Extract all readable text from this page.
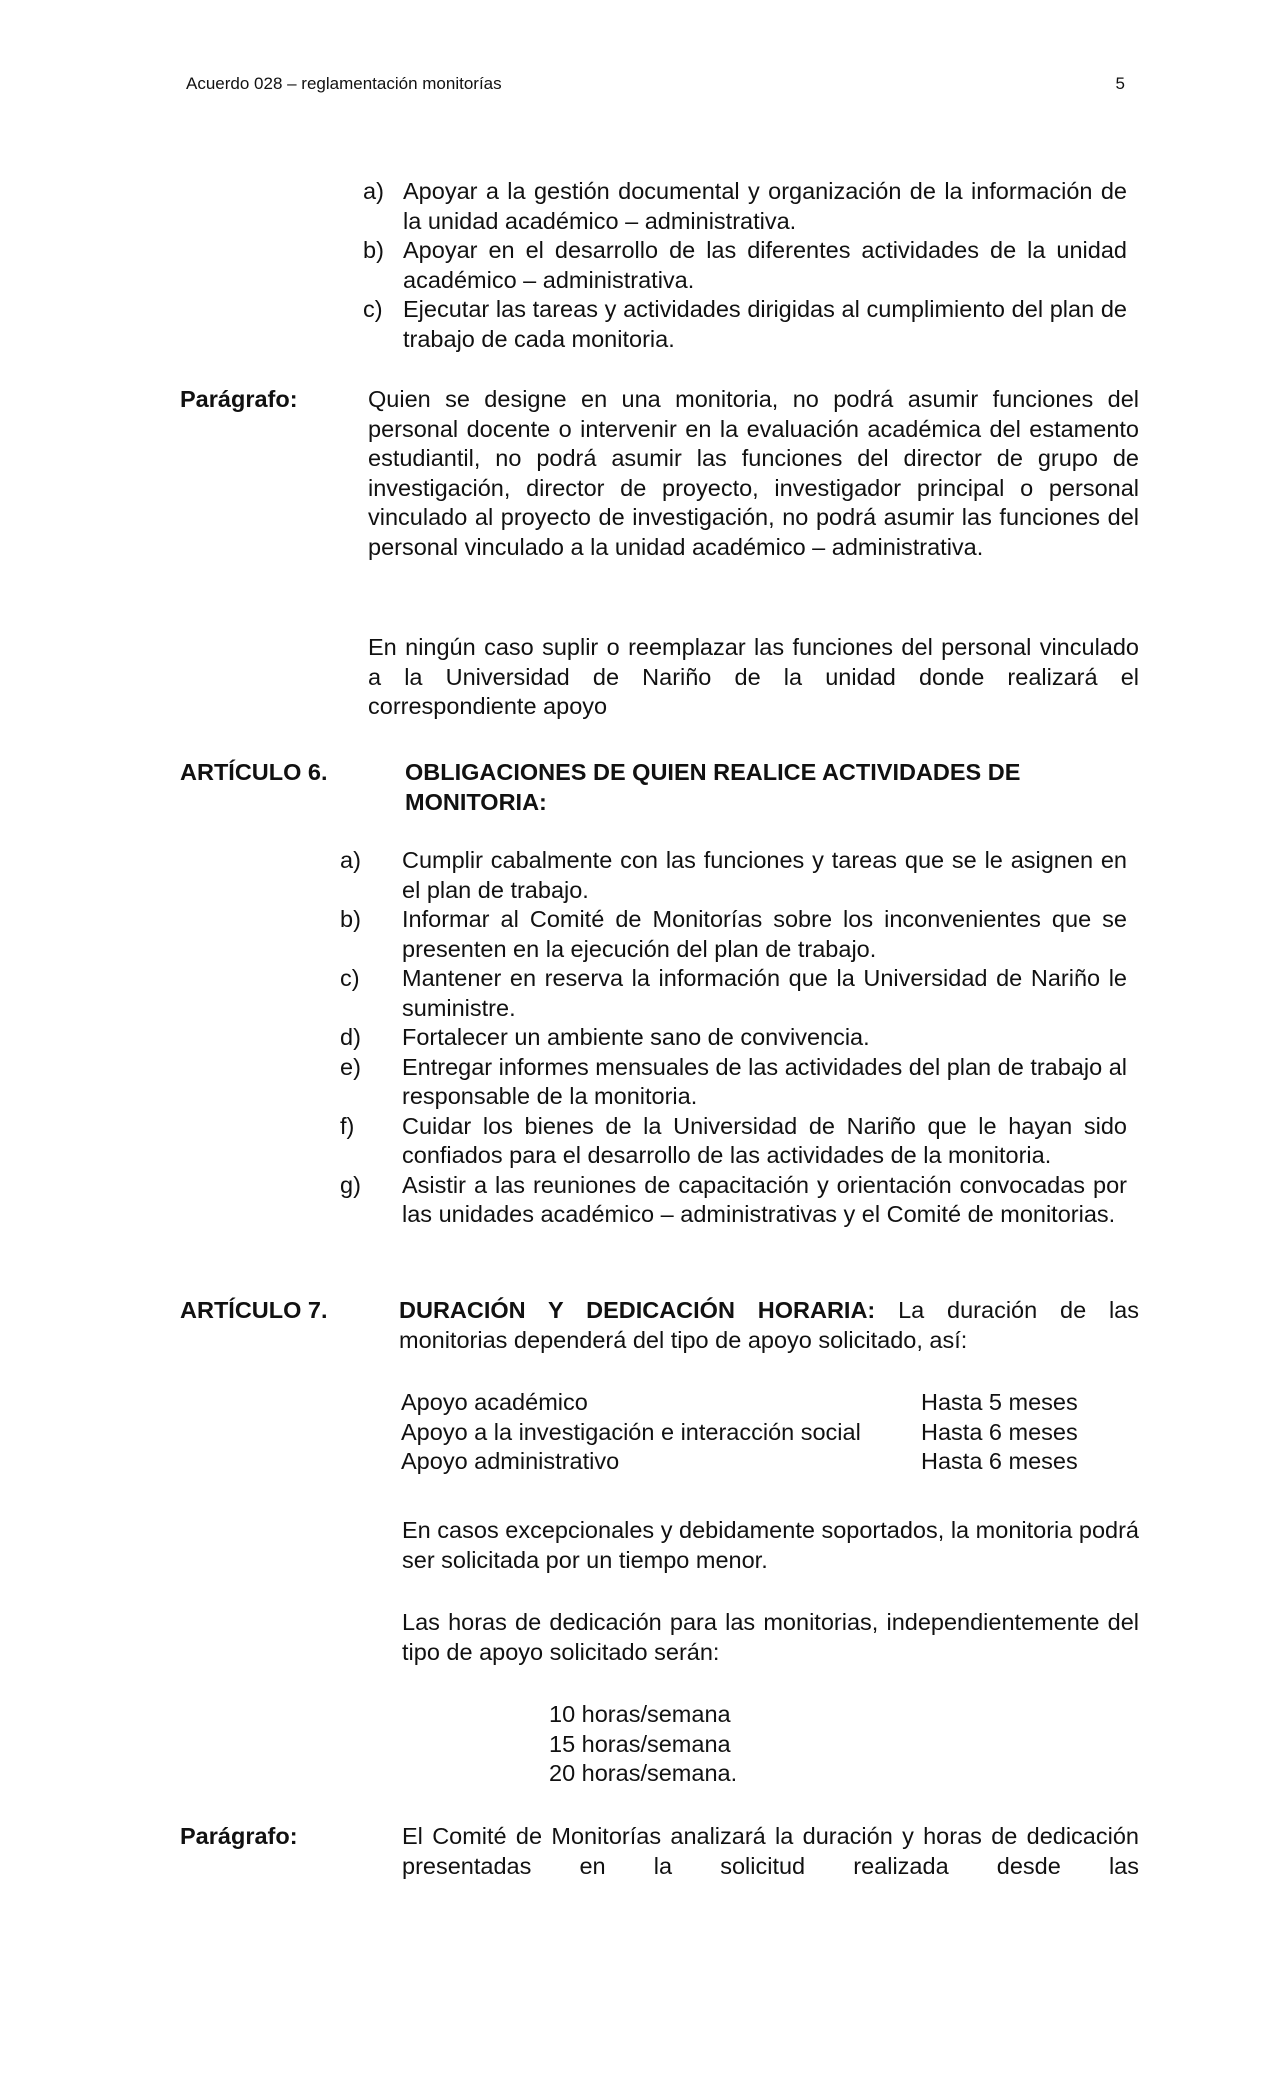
Acuerdo 028 – reglamentación monitorías	5
a) Apoyar a la gestión documental y organización de la información de la unidad académico – administrativa.
b) Apoyar en el desarrollo de las diferentes actividades de la unidad académico – administrativa.
c) Ejecutar las tareas y actividades dirigidas al cumplimiento del plan de trabajo de cada monitoria.
Parágrafo:	Quien se designe en una monitoria, no podrá asumir funciones del personal docente o intervenir en la evaluación académica del estamento estudiantil, no podrá asumir las funciones del director de grupo de investigación, director de proyecto, investigador principal o personal vinculado al proyecto de investigación, no podrá asumir las funciones del personal vinculado a la unidad académico – administrativa.
En ningún caso suplir o reemplazar las funciones del personal vinculado a la Universidad de Nariño de la unidad donde realizará el correspondiente apoyo
ARTÍCULO 6.	OBLIGACIONES DE QUIEN REALICE ACTIVIDADES DE MONITORIA:
a) Cumplir cabalmente con las funciones y tareas que se le asignen en el plan de trabajo.
b) Informar al Comité de Monitorías sobre los inconvenientes que se presenten en la ejecución del plan de trabajo.
c) Mantener en reserva la información que la Universidad de Nariño le suministre.
d) Fortalecer un ambiente sano de convivencia.
e) Entregar informes mensuales de las actividades del plan de trabajo al responsable de la monitoria.
f) Cuidar los bienes de la Universidad de Nariño que le hayan sido confiados para el desarrollo de las actividades de la monitoria.
g) Asistir a las reuniones de capacitación y orientación convocadas por las unidades académico – administrativas y el Comité de monitorias.
ARTÍCULO 7.	DURACIÓN Y DEDICACIÓN HORARIA: La duración de las monitorias dependerá del tipo de apoyo solicitado, así:
Apoyo académico	Hasta 5 meses
Apoyo a la investigación e interacción social	Hasta 6 meses
Apoyo administrativo	Hasta 6 meses
En casos excepcionales y debidamente soportados, la monitoria podrá ser solicitada por un tiempo menor.
Las horas de dedicación para las monitorias, independientemente del tipo de apoyo solicitado serán:
10 horas/semana
15 horas/semana
20 horas/semana.
Parágrafo:	El Comité de Monitorías analizará la duración y horas de dedicación presentadas en la solicitud realizada desde las
